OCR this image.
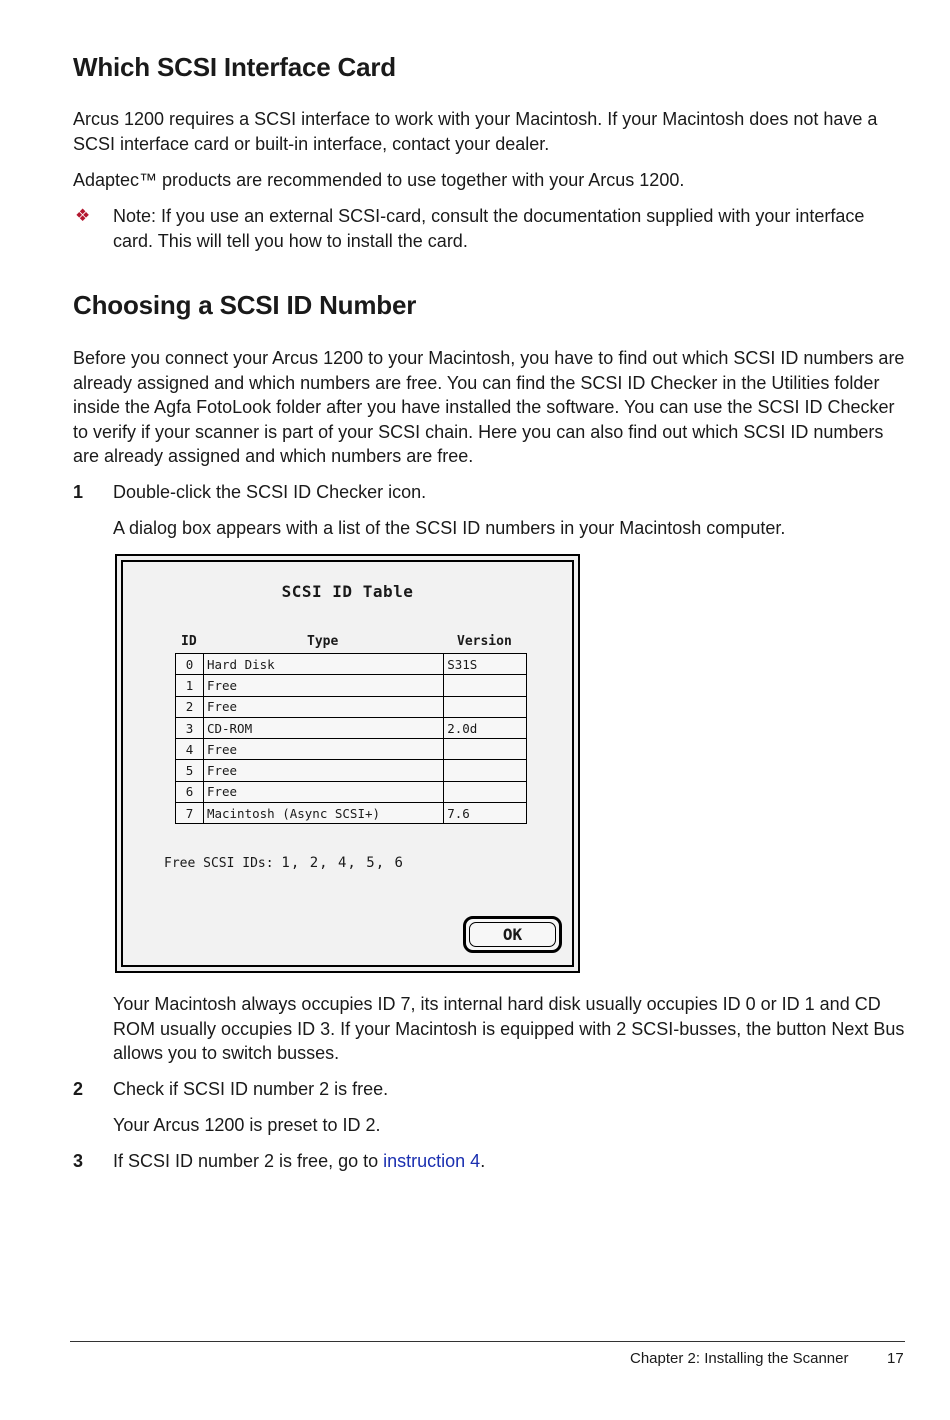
Which SCSI Interface Card

Arcus 1200 requires a SCSI interface to work with your Macintosh. If your Macintosh does not have a SCSI interface card or built-in interface, contact your dealer.

Adaptec™ products are recommended to use together with your Arcus 1200.

❖ Note: If you use an external SCSI-card, consult the documentation supplied with your interface card. This will tell you how to install the card.

Choosing a SCSI ID Number

Before you connect your Arcus 1200 to your Macintosh, you have to find out which SCSI ID numbers are already assigned and which numbers are free. You can find the SCSI ID Checker in the Utilities folder inside the Agfa FotoLook folder after you have installed the software. You can use the SCSI ID Checker to verify if your scanner is part of your SCSI chain. Here you can also find out which SCSI ID numbers are already assigned and which numbers are free.

1 Double-click the SCSI ID Checker icon.

A dialog box appears with a list of the SCSI ID numbers in your Macintosh computer.

Your Macintosh always occupies ID 7, its internal hard disk usually occupies ID 0 or ID 1 and CD ROM usually occupies ID 3. If your Macintosh is equipped with 2 SCSI-busses, the button Next Bus allows you to switch busses.

2 Check if SCSI ID number 2 is free.

Your Arcus 1200 is preset to ID 2.

3 If SCSI ID number 2 is free, go to instruction 4.

SCSI ID Table
ID	Type	Version
0	Hard Disk	S31S
1	Free	
2	Free	
3	CD-ROM	2.0d
4	Free	
5	Free	
6	Free	
7	Macintosh (Async SCSI+)	7.6
Free SCSI IDs: 1, 2, 4, 5, 6
OK
Chapter 2: Installing the Scanner	17
